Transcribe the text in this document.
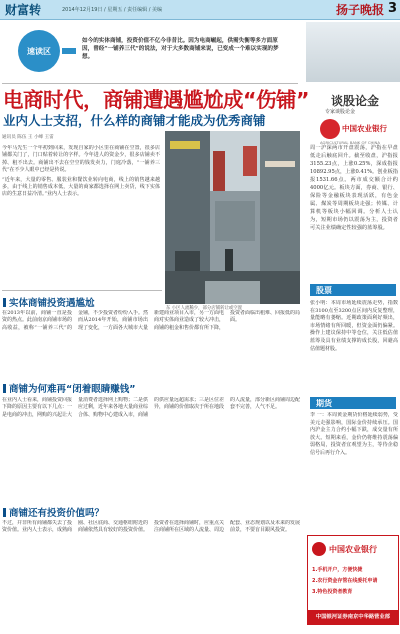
财富转	2014年12月19日 / 星期五 / 责任编辑 / 美编	扬子晚报 3
速读区
如今的实体商铺，投资价值不亿今非昔比。因为电商崛起，供需失衡等多方面原因，曾经“一铺养三代”的说法，对于大多数商铺来说，已变成一个难以实现的梦想。
电商时代，商铺遭遇尴尬成“伤铺”
业内人士支招，什么样的商铺才能成为优秀商铺
通讯员 陈伍 王 小峰 王雷
东 小区人流稀少，部分店铺转让或空置

今年马先生一个年初到回来，发现自家的小区里在商铺在空置，很多店铺都关门了，门口贴着转让的字样。今年进人的资金少，很多店铺卖不掉、租不出去。商铺出不去在空空的钱发卖力，门庭冷落，“一铺养三代”在不少人眼中已经是传说。

“近年来，大量的零售、服装业和餐饮业转向电商，线上的销售越来越多，由于线上的销售成本低，大量的商家都选择在网上卖货，线下实体店的生意日益冷清。”业内人士表示。

实体商铺投资遇尴尬

在2013年以前，商铺一直是投资的热点。此前南京商铺市场的高收益，被称“一铺养三代”的金铺，不少投资者纷纷入手。然而从2014年开始，商铺市场出现了变化，一方面各大城市大量新建商业项目入市，另一方面电商对实体商业造成了较大冲击，商铺的租金和售价都有所下降，投资者面临出租难、回报低的局面。

商铺为何难再“闭着眼睛赚钱”

在业内人士看来，商铺投资回报下降的原因主要有以下几点：一是电商的冲击，网购的兴起让大量消费者选择网上购物；二是供应过剩，近年来各地大量商业综合体、购物中心建成入市，商铺的供应量远超需求；三是区位差异，商铺的价值取决于所在地段的人流量，部分新区商铺周边配套不完善，人气不足。

商铺还有投资价值吗？

不过，并非所有商铺都失去了投资价值。业内人士表示，成熟商圈、社区底商、交通枢纽附近的商铺依然具有较好的投资价值。投资者在选择商铺时，应重点关注商铺所在区域的人流量、周边配套、业态规划以及未来的发展前景，不要盲目跟风投资。

谈股论金
专家谈股论金
中国农业银行
AGRICULTURAL BANK OF CHINA

周一沪深两市开盘震荡，沪指在早盘低走后触底回升。截至收盘，沪指报3155.23点，上涨0.25%，深成指报10892.95点，上涨0.41%。创业板指报1531.66点。两市成交额合计约4000亿元。板块方面，券商、银行、保险等金融板块表现活跃，有色金属、煤炭等周期板块走强；传媒、计算机等板块小幅回调。分析人士认为，短期市场仍以震荡为主，投资者可关注业绩确定性较强的蓝筹股。

股票

张小明：本周市场延续震荡走势，指数在3100点至3200点区间内反复整理，量能略有萎缩。近期政策面利好频出，市场情绪有所回暖，但资金面仍偏紧。操作上建议保持中等仓位，关注低估值蓝筹及具有业绩支撑的成长股，回避高估值题材股。

期货

李 一：本周黄金期货价格延续弱势，受美元走强影响，国际金价持续承压。国内沪金主力合约小幅下跌，成交量有所放大。短期来看，金价仍将维持震荡偏弱格局，投资者宜观望为主，等待企稳信号后再行介入。

中国农业银行
1.手机开户，方便快捷
2.农行资金存管在线委托申请
3.特色投资者教育
中国银河证券南京中华路营业部
